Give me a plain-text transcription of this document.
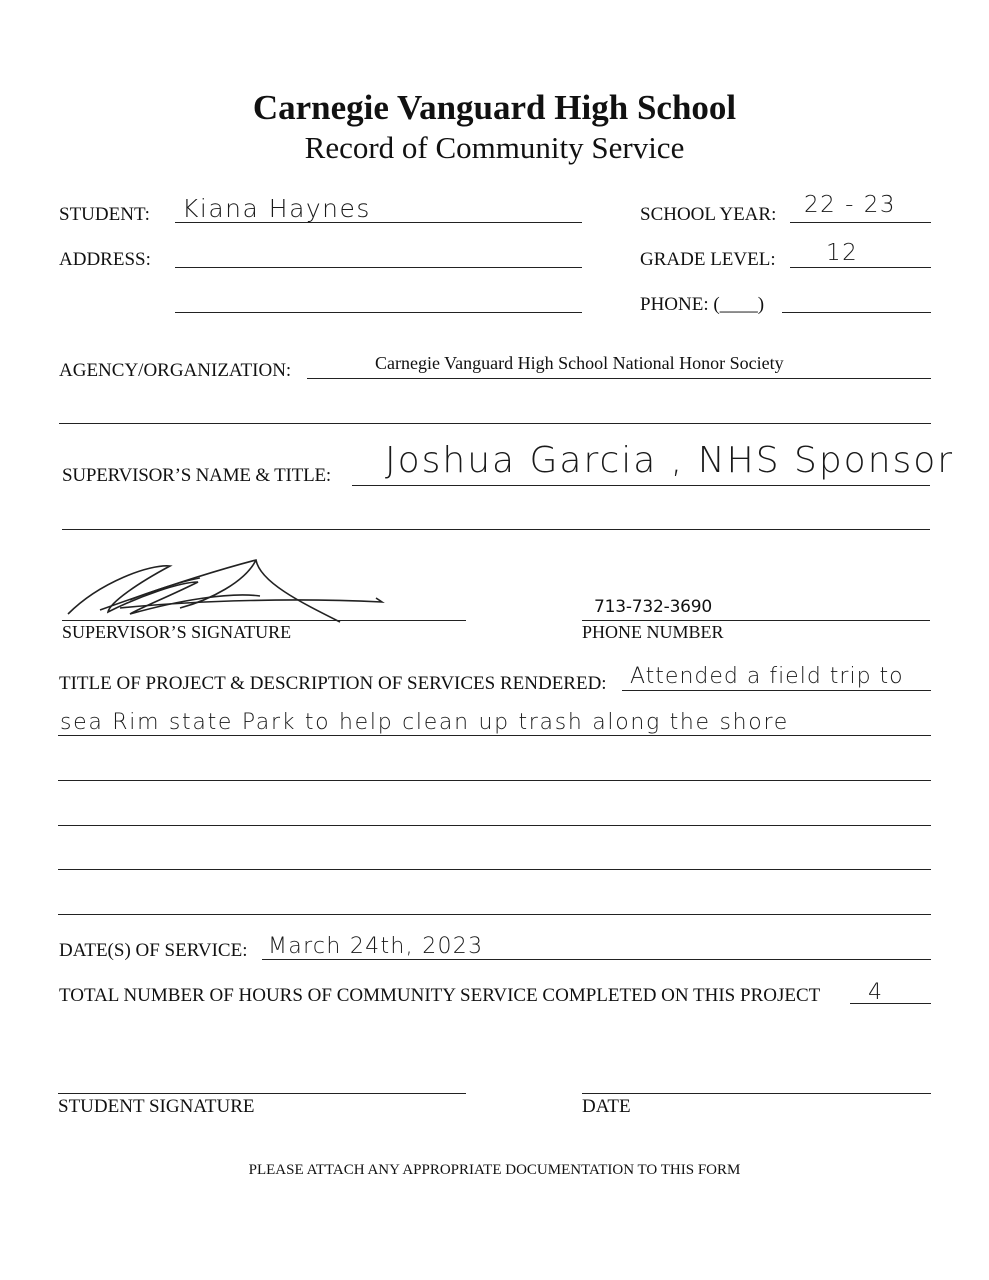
Carnegie Vanguard High School
Record of Community Service
STUDENT: Kiana Haynes	SCHOOL YEAR: 22 - 23
ADDRESS:	GRADE LEVEL: 12
PHONE: (____)
AGENCY/ORGANIZATION:	Carnegie Vanguard High School National Honor Society
SUPERVISOR’S NAME & TITLE: Joshua Garcia , NHS Sponsor
SUPERVISOR’S SIGNATURE
713-732-3690
PHONE NUMBER
TITLE OF PROJECT & DESCRIPTION OF SERVICES RENDERED: Attended a field trip to
sea Rim state Park to help clean up trash along the shore
DATE(S) OF SERVICE: March 24th, 2023
TOTAL NUMBER OF HOURS OF COMMUNITY SERVICE COMPLETED ON THIS PROJECT 4
STUDENT SIGNATURE	DATE
PLEASE ATTACH ANY APPROPRIATE DOCUMENTATION TO THIS FORM
